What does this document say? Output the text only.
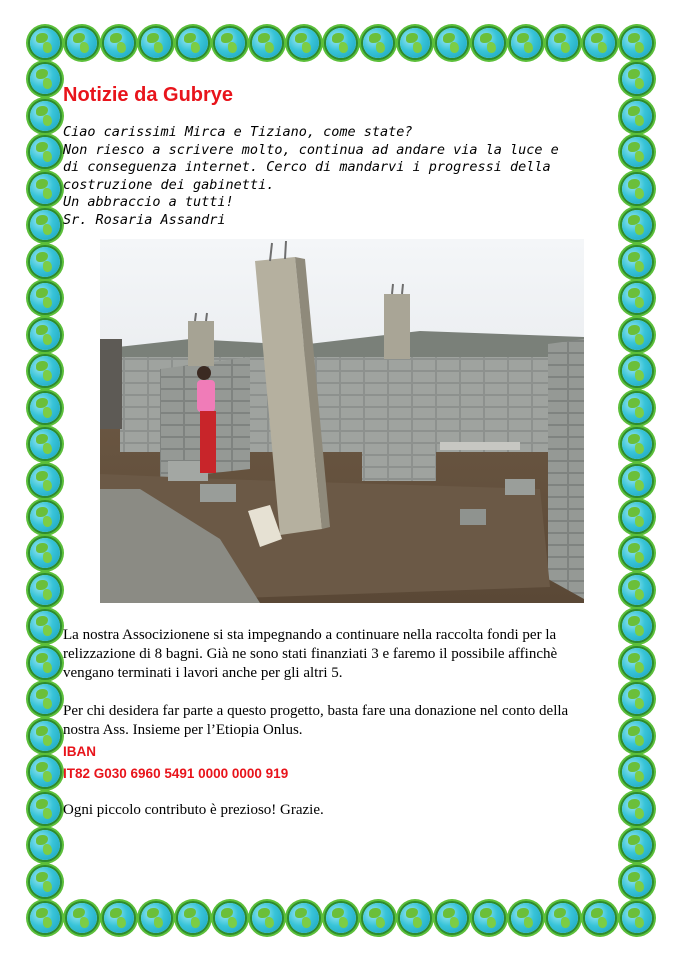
Notizie da Gubrye
Ciao carissimi Mirca e Tiziano, come state?
Non riesco a scrivere molto, continua ad andare via la luce e
di conseguenza internet. Cerco di mandarvi i progressi della
costruzione dei gabinetti.
Un abbraccio a tutti!
Sr. Rosaria Assandri
La nostra Associzionene si sta impegnando a continuare nella raccolta fondi per la
relizzazione di 8 bagni. Già ne sono stati finanziati 3 e faremo il possibile affinchè
vengano terminati i lavori anche per gli altri 5.
Per chi desidera far parte a questo progetto, basta fare una donazione nel conto della
nostra Ass. Insieme per l’Etiopia Onlus.
IBAN
IT82 G030 6960 5491 0000 0000 919
Ogni piccolo contributo è prezioso! Grazie.
